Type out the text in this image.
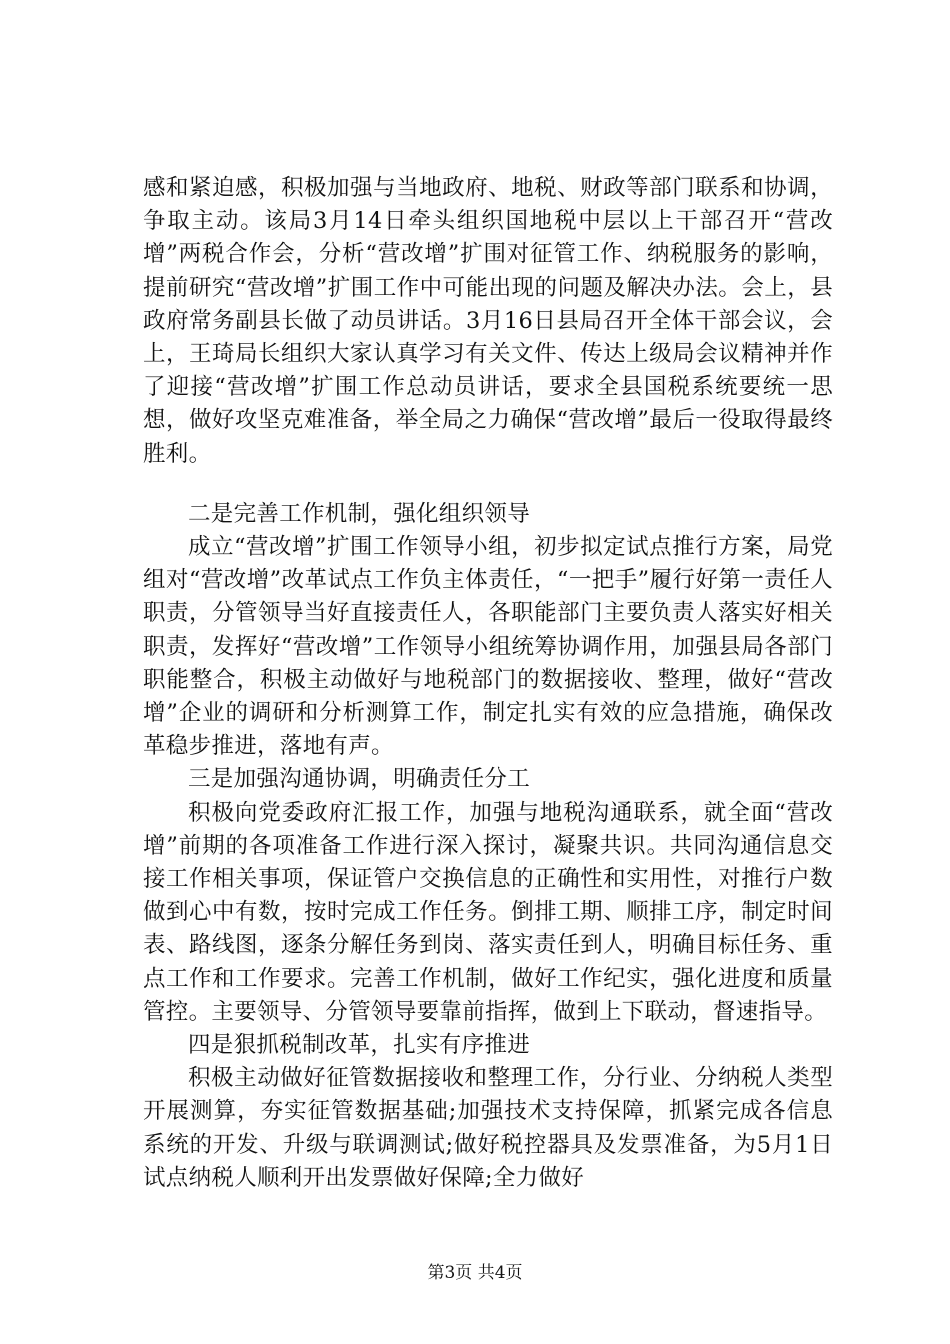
感和紧迫感，积极加强与当地政府、地税、财政等部门联系和协调，争取主动。该局3月14日牵头组织国地税中层以上干部召开“营改增”两税合作会，分析“营改增”扩围对征管工作、纳税服务的影响，提前研究“营改增”扩围工作中可能出现的问题及解决办法。会上，县政府常务副县长做了动员讲话。3月16日县局召开全体干部会议，会上，王琦局长组织大家认真学习有关文件、传达上级局会议精神并作了迎接“营改增”扩围工作总动员讲话，要求全县国税系统要统一思想，做好攻坚克难准备，举全局之力确保“营改增”最后一役取得最终胜利。

二是完善工作机制，强化组织领导

成立“营改增”扩围工作领导小组，初步拟定试点推行方案，局党组对“营改增”改革试点工作负主体责任，“一把手”履行好第一责任人职责，分管领导当好直接责任人，各职能部门主要负责人落实好相关职责，发挥好“营改增”工作领导小组统筹协调作用，加强县局各部门职能整合，积极主动做好与地税部门的数据接收、整理，做好“营改增”企业的调研和分析测算工作，制定扎实有效的应急措施，确保改革稳步推进，落地有声。

三是加强沟通协调，明确责任分工

积极向党委政府汇报工作，加强与地税沟通联系，就全面“营改增”前期的各项准备工作进行深入探讨，凝聚共识。共同沟通信息交接工作相关事项，保证管户交换信息的正确性和实用性，对推行户数做到心中有数，按时完成工作任务。倒排工期、顺排工序，制定时间表、路线图，逐条分解任务到岗、落实责任到人，明确目标任务、重点工作和工作要求。完善工作机制，做好工作纪实，强化进度和质量管控。主要领导、分管领导要靠前指挥，做到上下联动，督速指导。

四是狠抓税制改革，扎实有序推进

积极主动做好征管数据接收和整理工作，分行业、分纳税人类型开展测算，夯实征管数据基础;加强技术支持保障，抓紧完成各信息系统的开发、升级与联调测试;做好税控器具及发票准备，为5月1日试点纳税人顺利开出发票做好保障;全力做好

第3页 共4页
